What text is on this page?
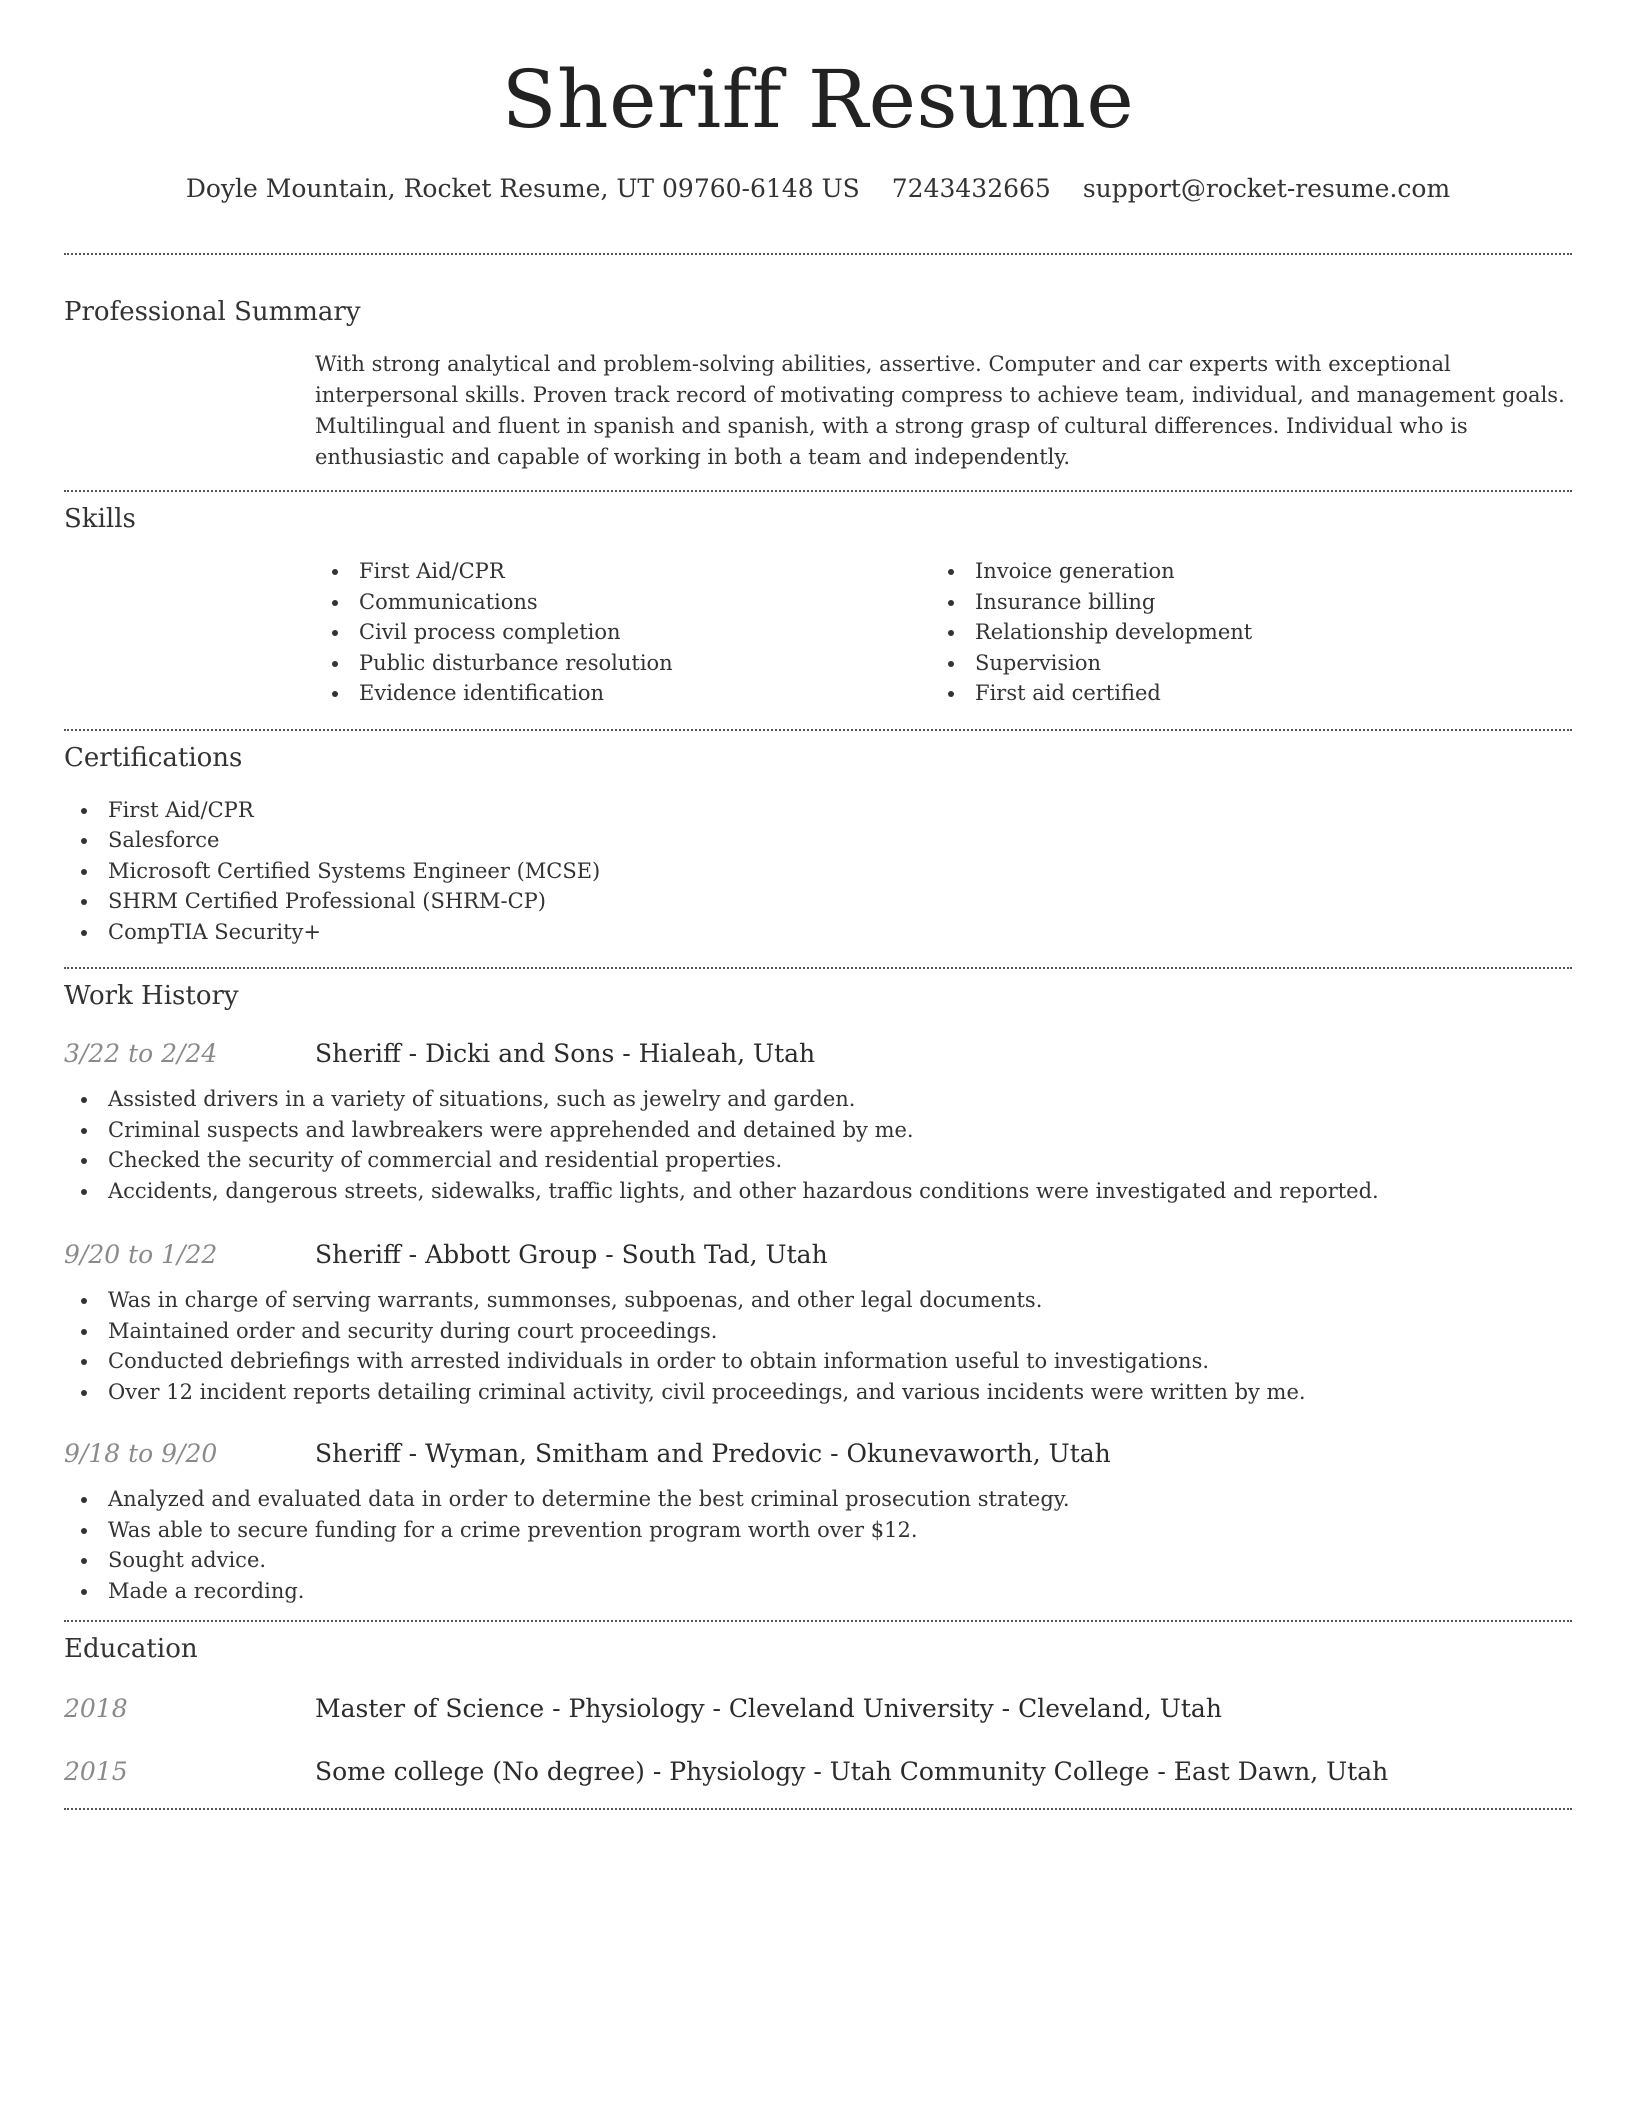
Sheriff Resume
Doyle Mountain, Rocket Resume, UT 09760-6148 US 7243432665 support@rocket-resume.com
Professional Summary
With strong analytical and problem-solving abilities, assertive. Computer and car experts with exceptional interpersonal skills. Proven track record of motivating compress to achieve team, individual, and management goals. Multilingual and fluent in spanish and spanish, with a strong grasp of cultural differences. Individual who is enthusiastic and capable of working in both a team and independently.
Skills
First Aid/CPR
Communications
Civil process completion
Public disturbance resolution
Evidence identification
Invoice generation
Insurance billing
Relationship development
Supervision
First aid certified
Certifications
First Aid/CPR
Salesforce
Microsoft Certified Systems Engineer (MCSE)
SHRM Certified Professional (SHRM-CP)
CompTIA Security+
Work History
3/22 to 2/24	Sheriff - Dicki and Sons - Hialeah, Utah
Assisted drivers in a variety of situations, such as jewelry and garden.
Criminal suspects and lawbreakers were apprehended and detained by me.
Checked the security of commercial and residential properties.
Accidents, dangerous streets, sidewalks, traffic lights, and other hazardous conditions were investigated and reported.
9/20 to 1/22	Sheriff - Abbott Group - South Tad, Utah
Was in charge of serving warrants, summonses, subpoenas, and other legal documents.
Maintained order and security during court proceedings.
Conducted debriefings with arrested individuals in order to obtain information useful to investigations.
Over 12 incident reports detailing criminal activity, civil proceedings, and various incidents were written by me.
9/18 to 9/20	Sheriff - Wyman, Smitham and Predovic - Okunevaworth, Utah
Analyzed and evaluated data in order to determine the best criminal prosecution strategy.
Was able to secure funding for a crime prevention program worth over $12.
Sought advice.
Made a recording.
Education
2018	Master of Science - Physiology - Cleveland University - Cleveland, Utah
2015	Some college (No degree) - Physiology - Utah Community College - East Dawn, Utah
